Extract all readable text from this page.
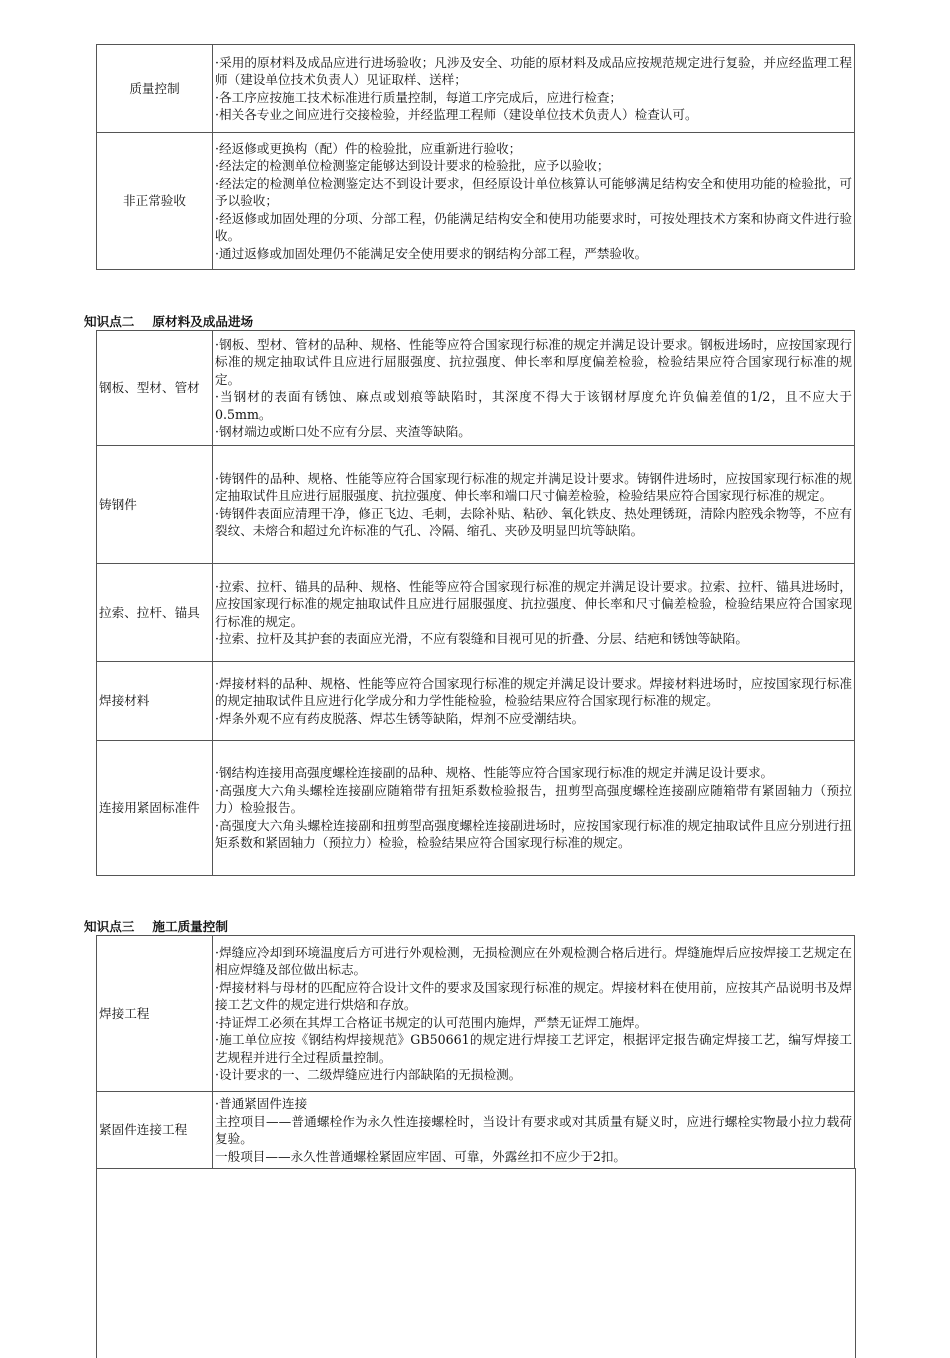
质量控制	·采用的原材料及成品应进行进场验收；凡涉及安全、功能的原材料及成品应按规范规定进行复验，并应经监理工程师（建设单位技术负责人）见证取样、送样；
·各工序应按施工技术标准进行质量控制，每道工序完成后，应进行检查；
·相关各专业之间应进行交接检验，并经监理工程师（建设单位技术负责人）检查认可。

非正常验收	·经返修或更换构（配）件的检验批，应重新进行验收；
·经法定的检测单位检测鉴定能够达到设计要求的检验批，应予以验收；
·经法定的检测单位检测鉴定达不到设计要求，但经原设计单位核算认可能够满足结构安全和使用功能的检验批，可予以验收；
·经返修或加固处理的分项、分部工程，仍能满足结构安全和使用功能要求时，可按处理技术方案和协商文件进行验收。
·通过返修或加固处理仍不能满足安全使用要求的钢结构分部工程，严禁验收。
知识点二 原材料及成品进场
钢板、型材、管材	·钢板、型材、管材的品种、规格、性能等应符合国家现行标准的规定并满足设计要求。钢板进场时，应按国家现行标准的规定抽取试件且应进行屈服强度、抗拉强度、伸长率和厚度偏差检验，检验结果应符合国家现行标准的规定。
·当钢材的表面有锈蚀、麻点或划痕等缺陷时，其深度不得大于该钢材厚度允许负偏差值的1/2，且不应大于0.5mm。
·钢材端边或断口处不应有分层、夹渣等缺陷。

铸钢件	·铸钢件的品种、规格、性能等应符合国家现行标准的规定并满足设计要求。铸钢件进场时，应按国家现行标准的规定抽取试件且应进行屈服强度、抗拉强度、伸长率和端口尺寸偏差检验，检验结果应符合国家现行标准的规定。
·铸钢件表面应清理干净，修正飞边、毛刺，去除补贴、粘砂、氧化铁皮、热处理锈斑，清除内腔残余物等，不应有裂纹、未熔合和超过允许标准的气孔、冷隔、缩孔、夹砂及明显凹坑等缺陷。

拉索、拉杆、锚具	·拉索、拉杆、锚具的品种、规格、性能等应符合国家现行标准的规定并满足设计要求。拉索、拉杆、锚具进场时，应按国家现行标准的规定抽取试件且应进行屈服强度、抗拉强度、伸长率和尺寸偏差检验，检验结果应符合国家现行标准的规定。
·拉索、拉杆及其护套的表面应光滑，不应有裂缝和目视可见的折叠、分层、结疤和锈蚀等缺陷。

焊接材料	·焊接材料的品种、规格、性能等应符合国家现行标准的规定并满足设计要求。焊接材料进场时，应按国家现行标准的规定抽取试件且应进行化学成分和力学性能检验，检验结果应符合国家现行标准的规定。
·焊条外观不应有药皮脱落、焊芯生锈等缺陷，焊剂不应受潮结块。

连接用紧固标准件	·钢结构连接用高强度螺栓连接副的品种、规格、性能等应符合国家现行标准的规定并满足设计要求。
·高强度大六角头螺栓连接副应随箱带有扭矩系数检验报告，扭剪型高强度螺栓连接副应随箱带有紧固轴力（预拉力）检验报告。
·高强度大六角头螺栓连接副和扭剪型高强度螺栓连接副进场时，应按国家现行标准的规定抽取试件且应分别进行扭矩系数和紧固轴力（预拉力）检验，检验结果应符合国家现行标准的规定。
知识点三 施工质量控制
焊接工程	·焊缝应冷却到环境温度后方可进行外观检测，无损检测应在外观检测合格后进行。焊缝施焊后应按焊接工艺规定在相应焊缝及部位做出标志。
·焊接材料与母材的匹配应符合设计文件的要求及国家现行标准的规定。焊接材料在使用前，应按其产品说明书及焊接工艺文件的规定进行烘焙和存放。
·持证焊工必须在其焊工合格证书规定的认可范围内施焊，严禁无证焊工施焊。
·施工单位应按《钢结构焊接规范》GB50661的规定进行焊接工艺评定，根据评定报告确定焊接工艺，编写焊接工艺规程并进行全过程质量控制。
·设计要求的一、二级焊缝应进行内部缺陷的无损检测。

紧固件连接工程	·普通紧固件连接
主控项目——普通螺栓作为永久性连接螺栓时，当设计有要求或对其质量有疑义时，应进行螺栓实物最小拉力载荷复验。
一般项目——永久性普通螺栓紧固应牢固、可靠，外露丝扣不应少于2扣。
